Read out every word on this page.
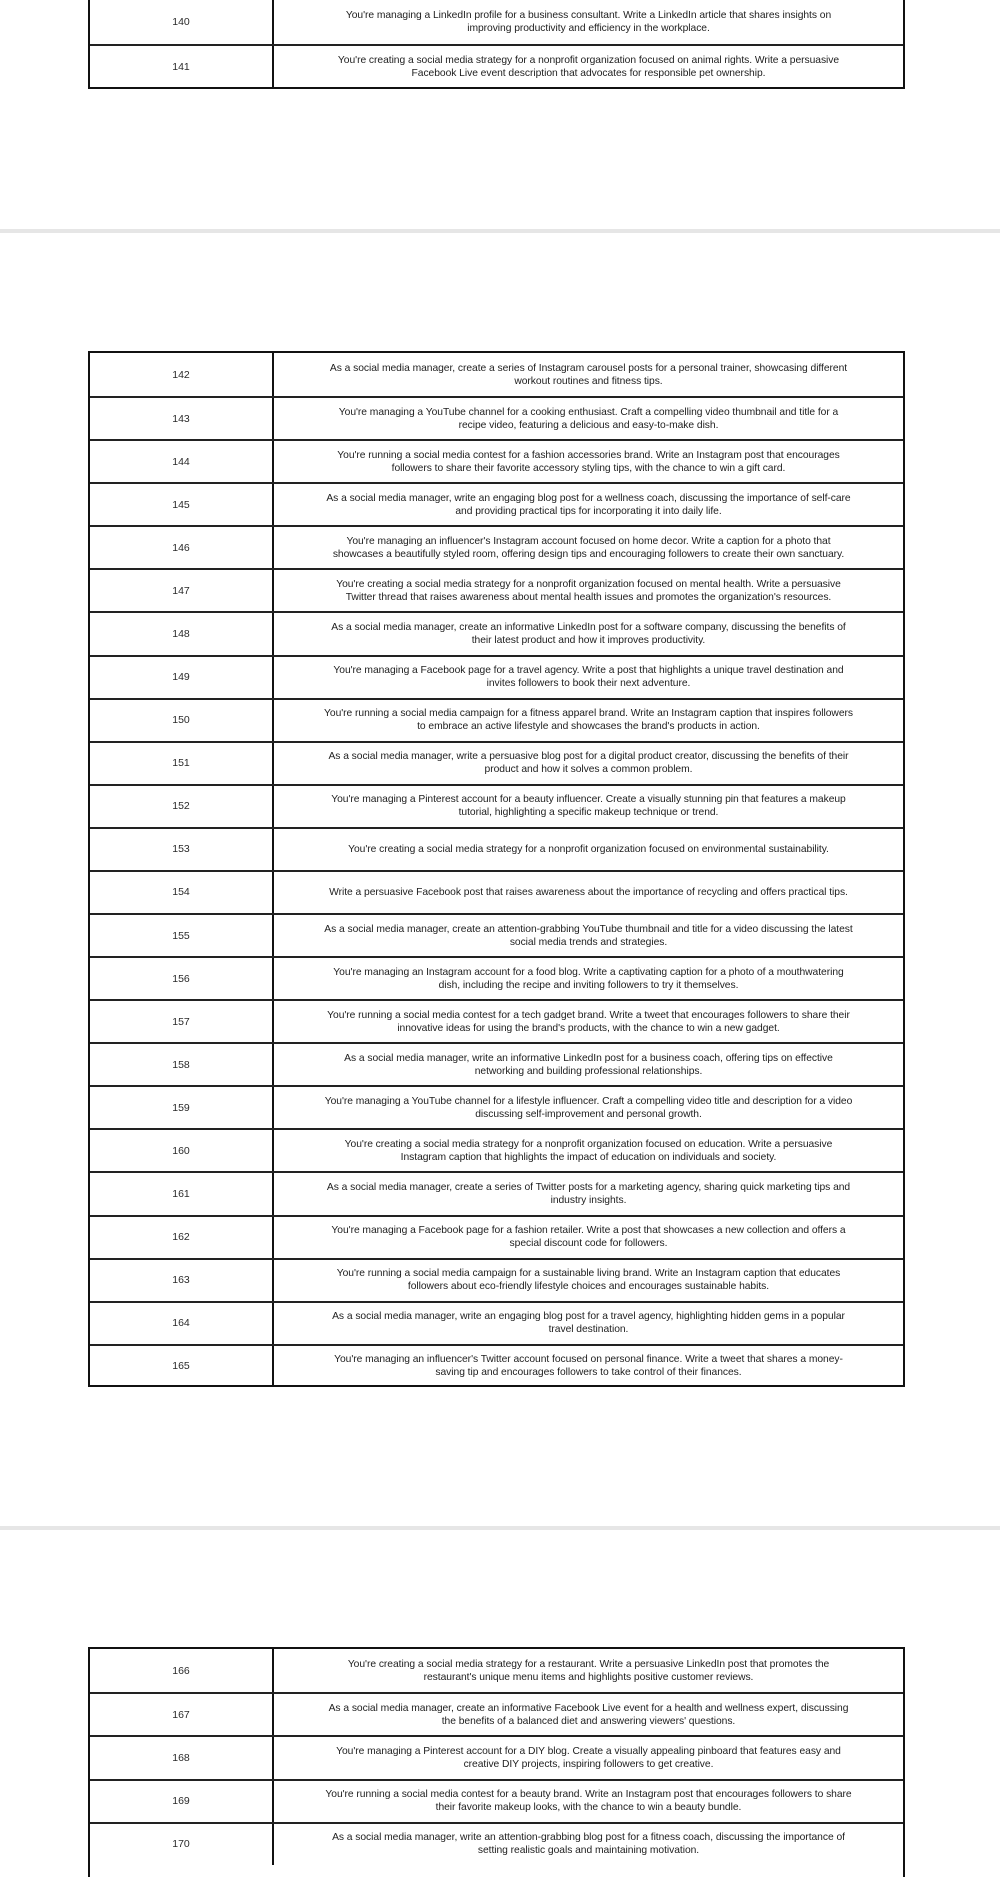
140
You're managing a LinkedIn profile for a business consultant. Write a LinkedIn article that shares insights on improving productivity and efficiency in the workplace.
141
You're creating a social media strategy for a nonprofit organization focused on animal rights. Write a persuasive Facebook Live event description that advocates for responsible pet ownership.
142
As a social media manager, create a series of Instagram carousel posts for a personal trainer, showcasing different workout routines and fitness tips.
143
You're managing a YouTube channel for a cooking enthusiast. Craft a compelling video thumbnail and title for a recipe video, featuring a delicious and easy-to-make dish.
144
You're running a social media contest for a fashion accessories brand. Write an Instagram post that encourages followers to share their favorite accessory styling tips, with the chance to win a gift card.
145
As a social media manager, write an engaging blog post for a wellness coach, discussing the importance of self-care and providing practical tips for incorporating it into daily life.
146
You're managing an influencer's Instagram account focused on home decor. Write a caption for a photo that showcases a beautifully styled room, offering design tips and encouraging followers to create their own sanctuary.
147
You're creating a social media strategy for a nonprofit organization focused on mental health. Write a persuasive Twitter thread that raises awareness about mental health issues and promotes the organization's resources.
148
As a social media manager, create an informative LinkedIn post for a software company, discussing the benefits of their latest product and how it improves productivity.
149
You're managing a Facebook page for a travel agency. Write a post that highlights a unique travel destination and invites followers to book their next adventure.
150
You're running a social media campaign for a fitness apparel brand. Write an Instagram caption that inspires followers to embrace an active lifestyle and showcases the brand's products in action.
151
As a social media manager, write a persuasive blog post for a digital product creator, discussing the benefits of their product and how it solves a common problem.
152
You're managing a Pinterest account for a beauty influencer. Create a visually stunning pin that features a makeup tutorial, highlighting a specific makeup technique or trend.
153	You're creating a social media strategy for a nonprofit organization focused on environmental sustainability.
154	Write a persuasive Facebook post that raises awareness about the importance of recycling and offers practical tips.
155
As a social media manager, create an attention-grabbing YouTube thumbnail and title for a video discussing the latest social media trends and strategies.
156
You're managing an Instagram account for a food blog. Write a captivating caption for a photo of a mouthwatering dish, including the recipe and inviting followers to try it themselves.
157
You're running a social media contest for a tech gadget brand. Write a tweet that encourages followers to share their innovative ideas for using the brand's products, with the chance to win a new gadget.
158
As a social media manager, write an informative LinkedIn post for a business coach, offering tips on effective networking and building professional relationships.
159
You're managing a YouTube channel for a lifestyle influencer. Craft a compelling video title and description for a video discussing self-improvement and personal growth.
160
You're creating a social media strategy for a nonprofit organization focused on education. Write a persuasive Instagram caption that highlights the impact of education on individuals and society.
161
As a social media manager, create a series of Twitter posts for a marketing agency, sharing quick marketing tips and industry insights.
162
You're managing a Facebook page for a fashion retailer. Write a post that showcases a new collection and offers a special discount code for followers.
163
You're running a social media campaign for a sustainable living brand. Write an Instagram caption that educates followers about eco-friendly lifestyle choices and encourages sustainable habits.
164
As a social media manager, write an engaging blog post for a travel agency, highlighting hidden gems in a popular travel destination.
165
You're managing an influencer's Twitter account focused on personal finance. Write a tweet that shares a money-saving tip and encourages followers to take control of their finances.
166
You're creating a social media strategy for a restaurant. Write a persuasive LinkedIn post that promotes the restaurant's unique menu items and highlights positive customer reviews.
167
As a social media manager, create an informative Facebook Live event for a health and wellness expert, discussing the benefits of a balanced diet and answering viewers' questions.
168
You're managing a Pinterest account for a DIY blog. Create a visually appealing pinboard that features easy and creative DIY projects, inspiring followers to get creative.
169
You're running a social media contest for a beauty brand. Write an Instagram post that encourages followers to share their favorite makeup looks, with the chance to win a beauty bundle.
170
As a social media manager, write an attention-grabbing blog post for a fitness coach, discussing the importance of setting realistic goals and maintaining motivation.
